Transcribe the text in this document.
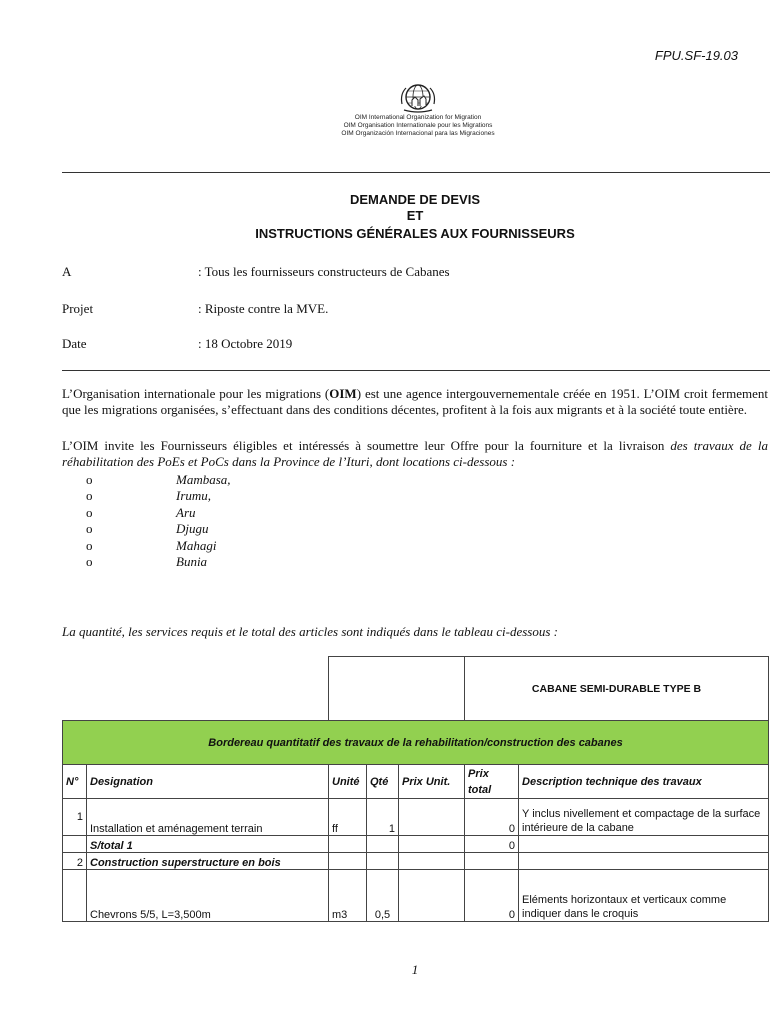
FPU.SF-19.03
OIM International Organization for Migration
OIM Organisation Internationale pour les Migrations
OIM Organización Internacional para las Migraciones
DEMANDE DE DEVIS
ET
INSTRUCTIONS GÉNÉRALES AUX FOURNISSEURS
A	: Tous les fournisseurs constructeurs de Cabanes
Projet	: Riposte contre la MVE.
Date	: 18 Octobre 2019
L’Organisation internationale pour les migrations (OIM) est une agence intergouvernementale créée en 1951. L’OIM croit fermement que les migrations organisées, s’effectuant dans des conditions décentes, profitent à la fois aux migrants et à la société toute entière.
L’OIM invite les Fournisseurs éligibles et intéressés à soumettre leur Offre pour la fourniture et la livraison des travaux de la réhabilitation des PoEs et PoCs dans la Province de l’Ituri, dont locations ci-dessous :
o	Mambasa,
o	Irumu,
o	Aru
o	Djugu
o	Mahagi
o	Bunia
La quantité, les services requis et le total des articles sont indiqués dans le tableau ci-dessous :
					CABANE SEMI-DURABLE TYPE B	
Bordereau quantitatif des travaux de la rehabilitation/construction des cabanes						
N°	Designation	Unité	Qté	Prix Unit.	Prix total	Description technique des travaux
1	Installation et aménagement terrain	ff	1		0	Y inclus nivellement et compactage de la surface intérieure de la cabane
	S/total 1				0	
2	Construction superstructure en bois					
	Chevrons 5/5, L=3,500m	m3	0,5		0	Eléments horizontaux et verticaux comme indiquer dans le croquis
1
